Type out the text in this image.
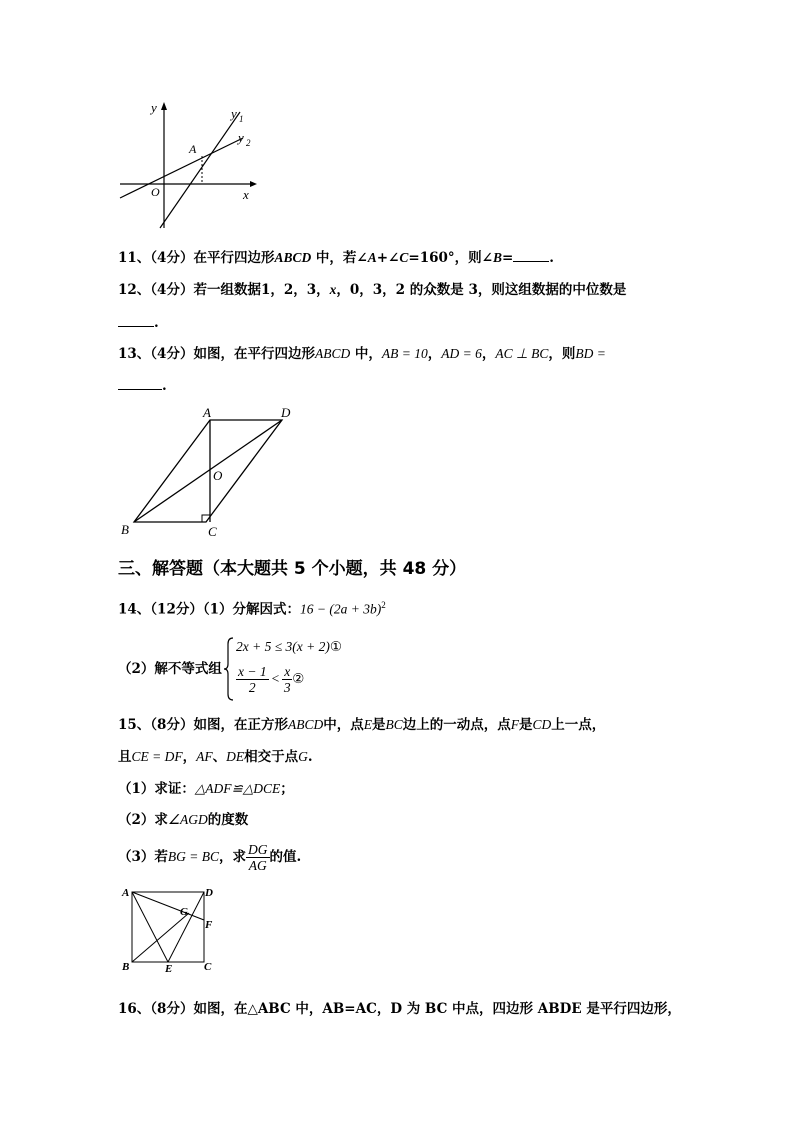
y	y 1
y 2
A
O	x
11、（4分）在平行四边形ABCD 中，若∠A+∠C=160°，则∠B=	.
12、（4分）若一组数据1，2，3，x，0，3，2 的众数是 3，则这组数据的中位数是
.
13、（4分）如图，在平行四边形ABCD 中，AB = 10，AD = 6，AC ⊥ BC，则BD =
.
A	D
O
B	C
三、解答题（本大题共 5 个小题，共 48 分）
14、（12分）（1）分解因式：$16 - (2a + 3b)^2$
（2）解不等式组
2x + 5 ≤ 3(x + 2)①
$\frac{x - 1}{2} < \frac{x}{3}$ ②
15、（8分）如图，在正方形ABCD中，点E是BC边上的一动点，点F是CD上一点，
且CE = DF，AF、DE相交于点G.
（1）求证：△ADF≌△DCE；
（2）求∠AGD的度数
（3）若BG = BC，求 $\frac{DG}{AG}$ 的值.
A	D
G
F
B	E	C
16、（8分）如图，在△ABC 中，AB=AC，D 为 BC 中点，四边形 ABDE 是平行四边形，
